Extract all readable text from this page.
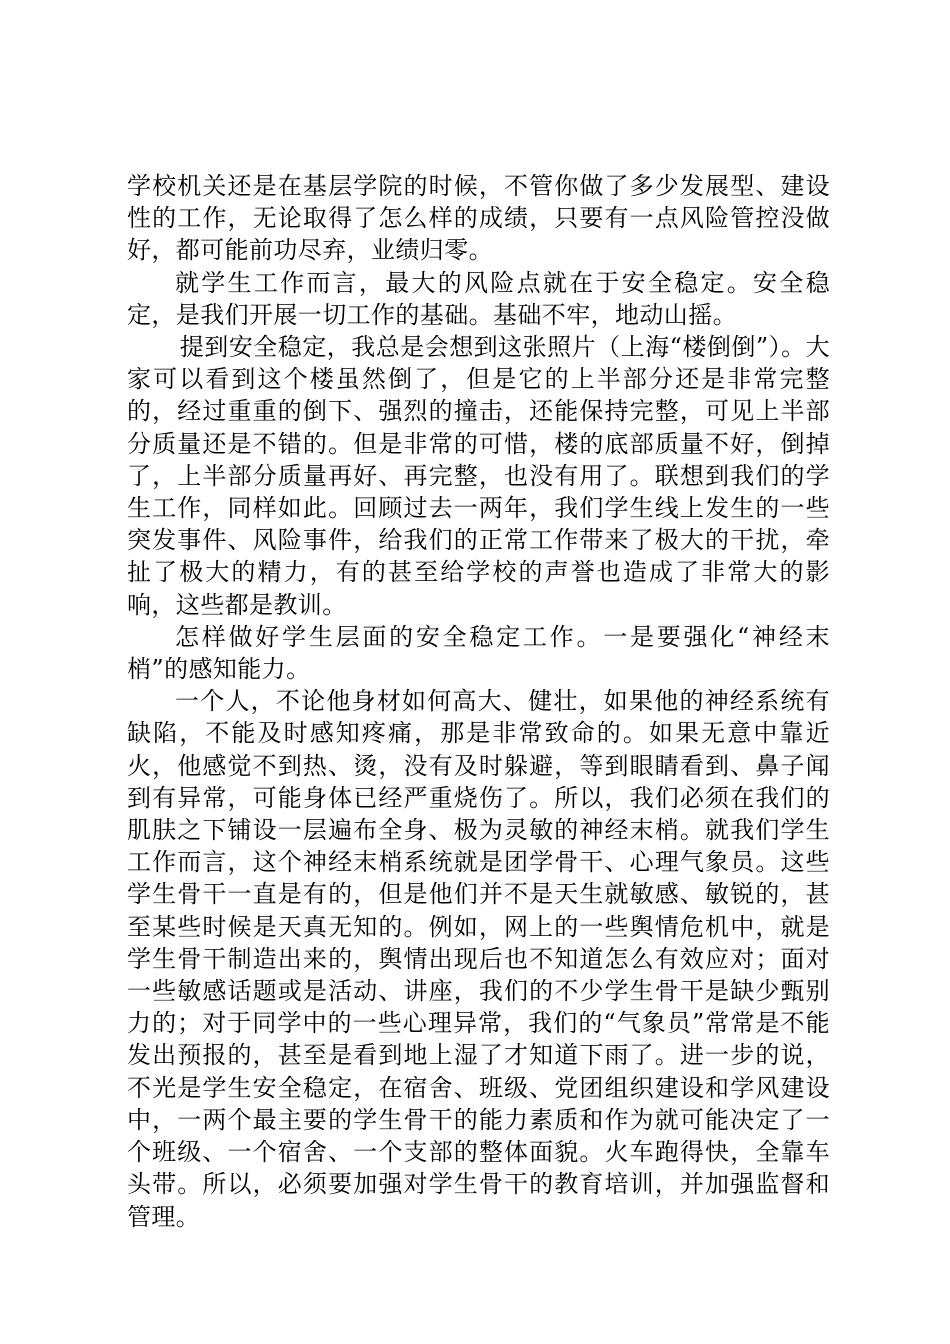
学校机关还是在基层学院的时候，不管你做了多少发展型、建设性的工作，无论取得了怎么样的成绩，只要有一点风险管控没做好，都可能前功尽弃，业绩归零。

就学生工作而言，最大的风险点就在于安全稳定。安全稳定，是我们开展一切工作的基础。基础不牢，地动山摇。

提到安全稳定，我总是会想到这张照片（上海“楼倒倒”）。大家可以看到这个楼虽然倒了，但是它的上半部分还是非常完整的，经过重重的倒下、强烈的撞击，还能保持完整，可见上半部分质量还是不错的。但是非常的可惜，楼的底部质量不好，倒掉了，上半部分质量再好、再完整，也没有用了。联想到我们的学生工作，同样如此。回顾过去一两年，我们学生线上发生的一些突发事件、风险事件，给我们的正常工作带来了极大的干扰，牵扯了极大的精力，有的甚至给学校的声誉也造成了非常大的影响，这些都是教训。

怎样做好学生层面的安全稳定工作。一是要强化“神经末梢”的感知能力。

一个人，不论他身材如何高大、健壮，如果他的神经系统有缺陷，不能及时感知疼痛，那是非常致命的。如果无意中靠近火，他感觉不到热、烫，没有及时躲避，等到眼睛看到、鼻子闻到有异常，可能身体已经严重烧伤了。所以，我们必须在我们的肌肤之下铺设一层遍布全身、极为灵敏的神经末梢。就我们学生工作而言，这个神经末梢系统就是团学骨干、心理气象员。这些学生骨干一直是有的，但是他们并不是天生就敏感、敏锐的，甚至某些时候是天真无知的。例如，网上的一些舆情危机中，就是学生骨干制造出来的，舆情出现后也不知道怎么有效应对；面对一些敏感话题或是活动、讲座，我们的不少学生骨干是缺少甄别力的；对于同学中的一些心理异常，我们的“气象员”常常是不能发出预报的，甚至是看到地上湿了才知道下雨了。进一步的说，不光是学生安全稳定，在宿舍、班级、党团组织建设和学风建设中，一两个最主要的学生骨干的能力素质和作为就可能决定了一个班级、一个宿舍、一个支部的整体面貌。火车跑得快，全靠车头带。所以，必须要加强对学生骨干的教育培训，并加强监督和管理。
